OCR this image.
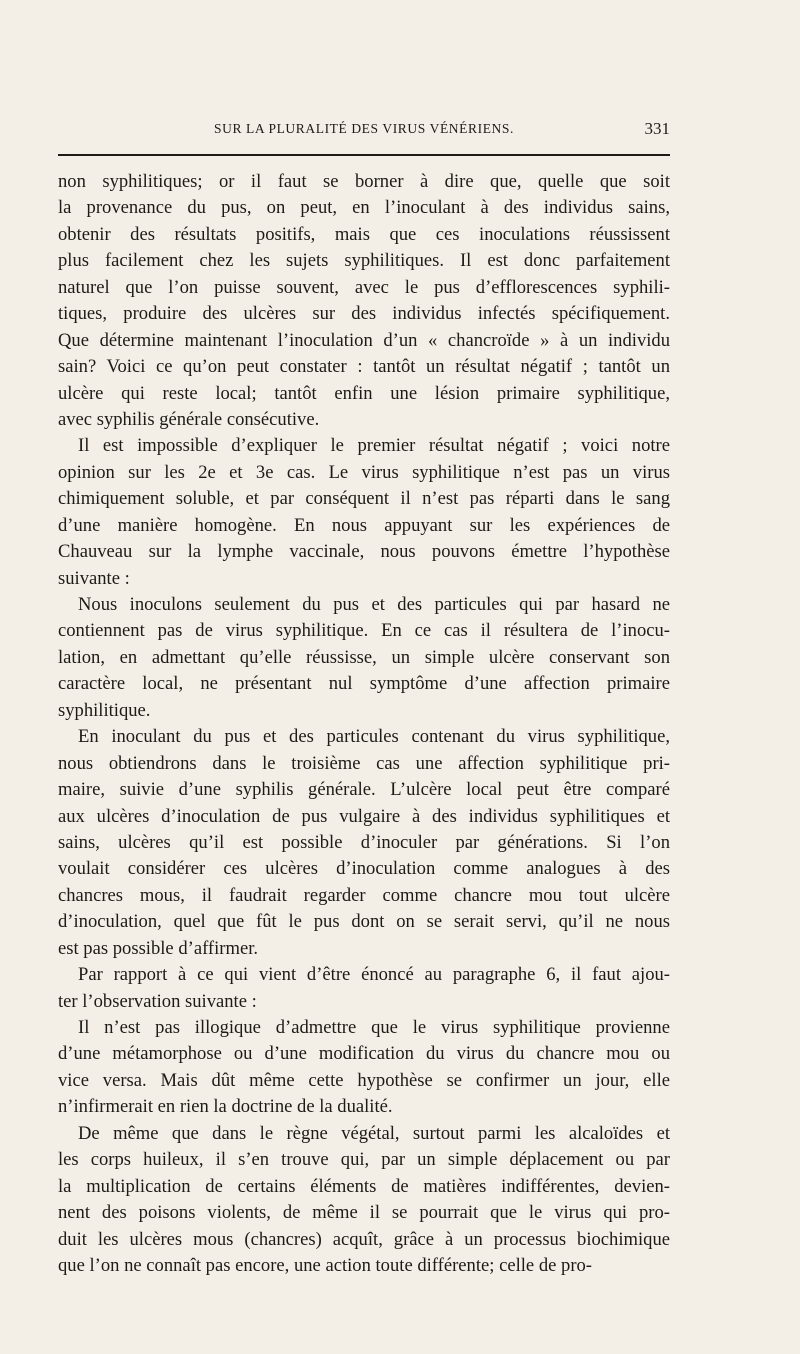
SUR LA PLURALITÉ DES VIRUS VÉNÉRIENS.	331
non syphilitiques; or il faut se borner à dire que, quelle que soit
la provenance du pus, on peut, en l’inoculant à des individus sains,
obtenir des résultats positifs, mais que ces inoculations réussissent
plus facilement chez les sujets syphilitiques. Il est donc parfaitement
naturel que l’on puisse souvent, avec le pus d’efflorescences syphili-
tiques, produire des ulcères sur des individus infectés spécifiquement.
Que détermine maintenant l’inoculation d’un « chancroïde » à un individu
sain? Voici ce qu’on peut constater : tantôt un résultat négatif ; tantôt un
ulcère qui reste local; tantôt enfin une lésion primaire syphilitique,
avec syphilis générale consécutive.
Il est impossible d’expliquer le premier résultat négatif ; voici notre
opinion sur les 2e et 3e cas. Le virus syphilitique n’est pas un virus
chimiquement soluble, et par conséquent il n’est pas réparti dans le sang
d’une manière homogène. En nous appuyant sur les expériences de
Chauveau sur la lymphe vaccinale, nous pouvons émettre l’hypothèse
suivante :
Nous inoculons seulement du pus et des particules qui par hasard ne
contiennent pas de virus syphilitique. En ce cas il résultera de l’inocu-
lation, en admettant qu’elle réussisse, un simple ulcère conservant son
caractère local, ne présentant nul symptôme d’une affection primaire
syphilitique.
En inoculant du pus et des particules contenant du virus syphilitique,
nous obtiendrons dans le troisième cas une affection syphilitique pri-
maire, suivie d’une syphilis générale. L’ulcère local peut être comparé
aux ulcères d’inoculation de pus vulgaire à des individus syphilitiques et
sains, ulcères qu’il est possible d’inoculer par générations. Si l’on
voulait considérer ces ulcères d’inoculation comme analogues à des
chancres mous, il faudrait regarder comme chancre mou tout ulcère
d’inoculation, quel que fût le pus dont on se serait servi, qu’il ne nous
est pas possible d’affirmer.
Par rapport à ce qui vient d’être énoncé au paragraphe 6, il faut ajou-
ter l’observation suivante :
Il n’est pas illogique d’admettre que le virus syphilitique provienne
d’une métamorphose ou d’une modification du virus du chancre mou ou
vice versa. Mais dût même cette hypothèse se confirmer un jour, elle
n’infirmerait en rien la doctrine de la dualité.
De même que dans le règne végétal, surtout parmi les alcaloïdes et
les corps huileux, il s’en trouve qui, par un simple déplacement ou par
la multiplication de certains éléments de matières indifférentes, devien-
nent des poisons violents, de même il se pourrait que le virus qui pro-
duit les ulcères mous (chancres) acquît, grâce à un processus biochimique
que l’on ne connaît pas encore, une action toute différente; celle de pro-
